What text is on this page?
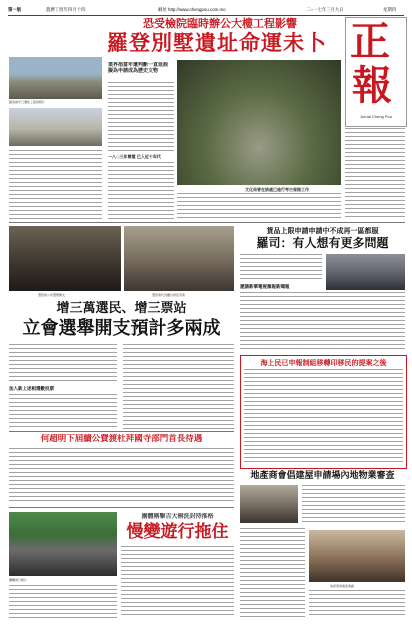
第一版	農曆丁酉年四月十四	網址 http://www.chengpou.com.mo	二○一七年三月九日	星期四
恐受檢院臨時辦公大樓工程影響
羅登別墅遺址命運未卜
圖為當年已遺址工程的相片
業界指當年遺判斷一直延誤 擬為申請成為歷史文物
一八○三年曾建 已入近十年代
文化局曾在該處已進行考古發掘工作
正
報
Jornal Cheng Pou
選管會公布選舉開支	選管會代表團出席記者會
增三萬選民、增三票站
立會選舉開支預計多兩成
加入新上述相選數投票
貨品上限申請申請中不成再一區都服
羅司：有人想有更多問題
邀請新華電視滙報新聞報
海上民已申報制組移轉印移民的提案之後
何超明下屆續公費渡杜拜國寺部門首長待遇
地產商會倡建屋申請場內地物業審查
地產商會審查會議
團體遊行相片
團體稱擊吉大桐洗封持推格
慢變遊行拖住
